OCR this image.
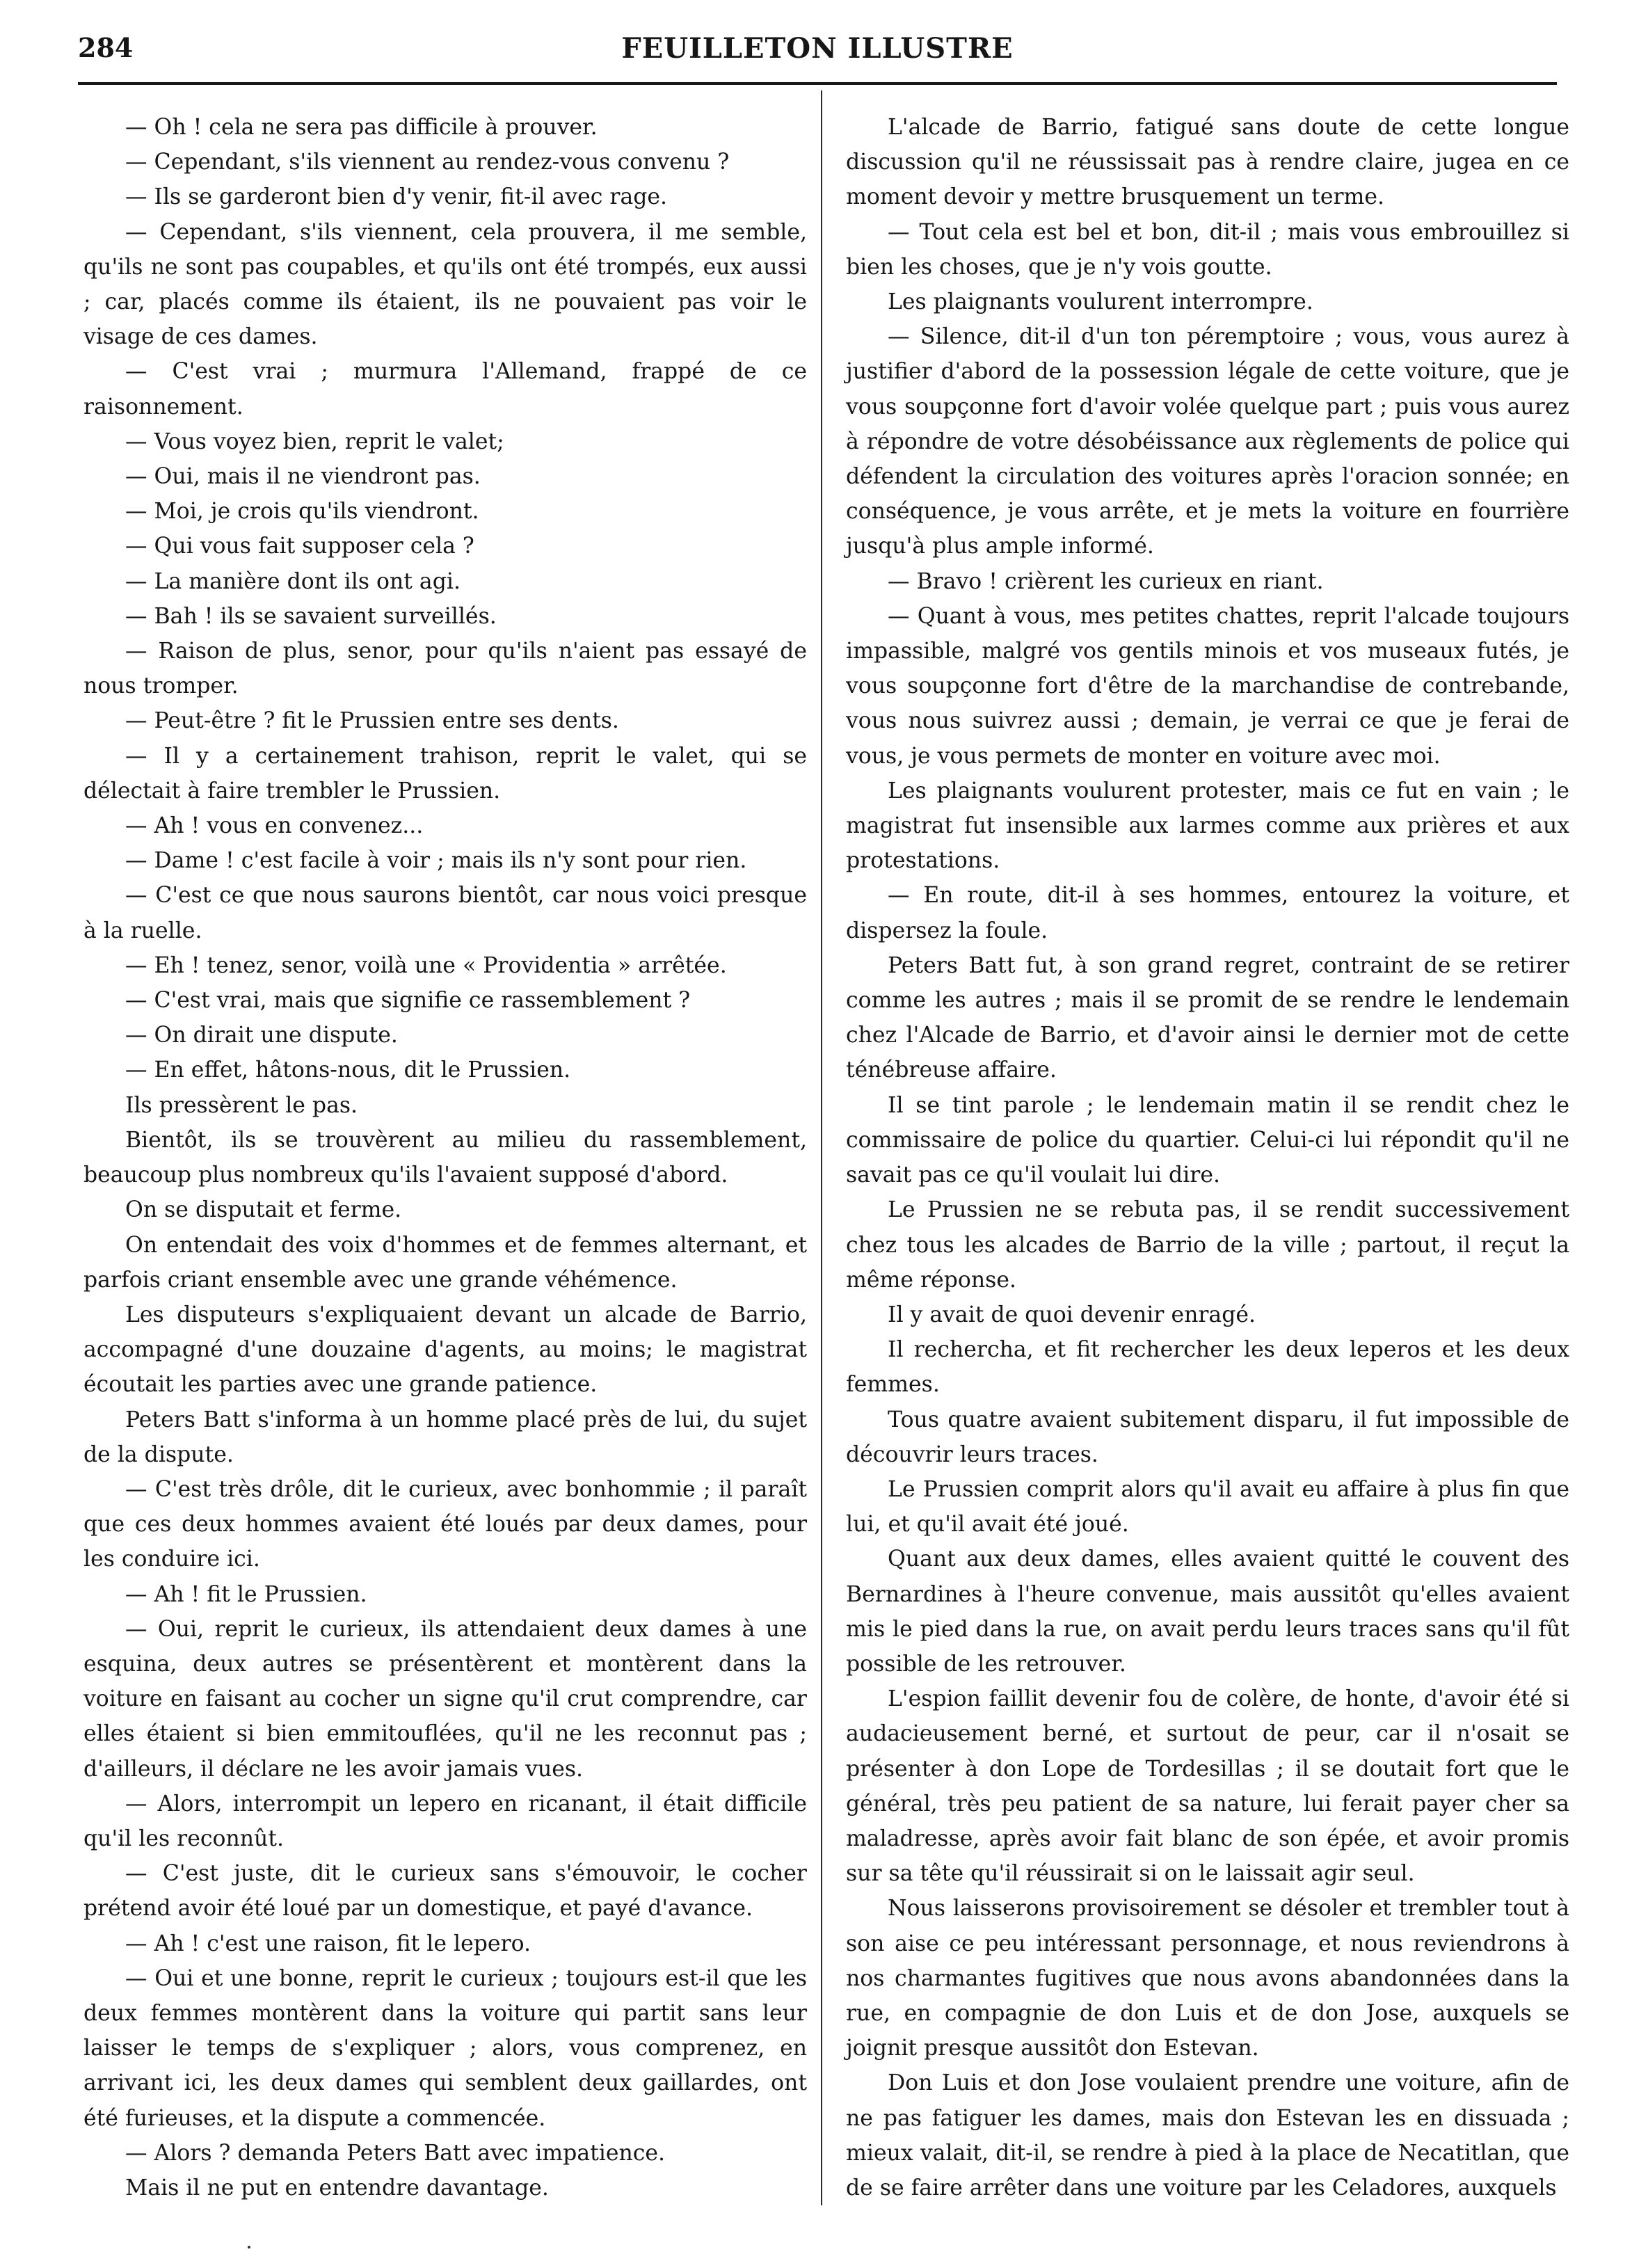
284	FEUILLETON ILLUSTRE

— Oh ! cela ne sera pas difficile à prouver.

— Cependant, s'ils viennent au rendez-vous convenu ?

— Ils se garderont bien d'y venir, fit-il avec rage.

— Cependant, s'ils viennent, cela prouvera, il me semble, qu'ils ne sont pas coupables, et qu'ils ont été trompés, eux aussi ; car, placés comme ils étaient, ils ne pouvaient pas voir le visage de ces dames.

— C'est vrai ; murmura l'Allemand, frappé de ce raisonnement.

— Vous voyez bien, reprit le valet;

— Oui, mais il ne viendront pas.

— Moi, je crois qu'ils viendront.

— Qui vous fait supposer cela ?

— La manière dont ils ont agi.

— Bah ! ils se savaient surveillés.

— Raison de plus, senor, pour qu'ils n'aient pas essayé de nous tromper.

— Peut-être ? fit le Prussien entre ses dents.

— Il y a certainement trahison, reprit le valet, qui se délectait à faire trembler le Prussien.

— Ah ! vous en convenez...

— Dame ! c'est facile à voir ; mais ils n'y sont pour rien.

— C'est ce que nous saurons bientôt, car nous voici presque à la ruelle.

— Eh ! tenez, senor, voilà une « Providentia » arrêtée.

— C'est vrai, mais que signifie ce rassemblement ?

— On dirait une dispute.

— En effet, hâtons-nous, dit le Prussien.

Ils pressèrent le pas.

Bientôt, ils se trouvèrent au milieu du rassemblement, beaucoup plus nombreux qu'ils l'avaient supposé d'abord.

On se disputait et ferme.

On entendait des voix d'hommes et de femmes alternant, et parfois criant ensemble avec une grande véhémence.

Les disputeurs s'expliquaient devant un alcade de Barrio, accompagné d'une douzaine d'agents, au moins; le magistrat écoutait les parties avec une grande patience.

Peters Batt s'informa à un homme placé près de lui, du sujet de la dispute.

— C'est très drôle, dit le curieux, avec bonhommie ; il paraît que ces deux hommes avaient été loués par deux dames, pour les conduire ici.

— Ah ! fit le Prussien.

— Oui, reprit le curieux, ils attendaient deux dames à une esquina, deux autres se présentèrent et montèrent dans la voiture en faisant au cocher un signe qu'il crut comprendre, car elles étaient si bien emmitouflées, qu'il ne les reconnut pas ; d'ailleurs, il déclare ne les avoir jamais vues.

— Alors, interrompit un lepero en ricanant, il était difficile qu'il les reconnût.

— C'est juste, dit le curieux sans s'émouvoir, le cocher prétend avoir été loué par un domestique, et payé d'avance.

— Ah ! c'est une raison, fit le lepero.

— Oui et une bonne, reprit le curieux ; toujours est-il que les deux femmes montèrent dans la voiture qui partit sans leur laisser le temps de s'expliquer ; alors, vous comprenez, en arrivant ici, les deux dames qui semblent deux gaillardes, ont été furieuses, et la dispute a commencée.

— Alors ? demanda Peters Batt avec impatience.

Mais il ne put en entendre davantage.

L'alcade de Barrio, fatigué sans doute de cette longue discussion qu'il ne réussissait pas à rendre claire, jugea en ce moment devoir y mettre brusquement un terme.

— Tout cela est bel et bon, dit-il ; mais vous embrouillez si bien les choses, que je n'y vois goutte.

Les plaignants voulurent interrompre.

— Silence, dit-il d'un ton péremptoire ; vous, vous aurez à justifier d'abord de la possession légale de cette voiture, que je vous soupçonne fort d'avoir volée quelque part ; puis vous aurez à répondre de votre désobéissance aux règlements de police qui défendent la circulation des voitures après l'oracion sonnée; en conséquence, je vous arrête, et je mets la voiture en fourrière jusqu'à plus ample informé.

— Bravo ! crièrent les curieux en riant.

— Quant à vous, mes petites chattes, reprit l'alcade toujours impassible, malgré vos gentils minois et vos museaux futés, je vous soupçonne fort d'être de la marchandise de contrebande, vous nous suivrez aussi ; demain, je verrai ce que je ferai de vous, je vous permets de monter en voiture avec moi.

Les plaignants voulurent protester, mais ce fut en vain ; le magistrat fut insensible aux larmes comme aux prières et aux protestations.

— En route, dit-il à ses hommes, entourez la voiture, et dispersez la foule.

Peters Batt fut, à son grand regret, contraint de se retirer comme les autres ; mais il se promit de se rendre le lendemain chez l'Alcade de Barrio, et d'avoir ainsi le dernier mot de cette ténébreuse affaire.

Il se tint parole ; le lendemain matin il se rendit chez le commissaire de police du quartier. Celui-ci lui répondit qu'il ne savait pas ce qu'il voulait lui dire.

Le Prussien ne se rebuta pas, il se rendit successivement chez tous les alcades de Barrio de la ville ; partout, il reçut la même réponse.

Il y avait de quoi devenir enragé.

Il rechercha, et fit rechercher les deux leperos et les deux femmes.

Tous quatre avaient subitement disparu, il fut impossible de découvrir leurs traces.

Le Prussien comprit alors qu'il avait eu affaire à plus fin que lui, et qu'il avait été joué.

Quant aux deux dames, elles avaient quitté le couvent des Bernardines à l'heure convenue, mais aussitôt qu'elles avaient mis le pied dans la rue, on avait perdu leurs traces sans qu'il fût possible de les retrouver.

L'espion faillit devenir fou de colère, de honte, d'avoir été si audacieusement berné, et surtout de peur, car il n'osait se présenter à don Lope de Tordesillas ; il se doutait fort que le général, très peu patient de sa nature, lui ferait payer cher sa maladresse, après avoir fait blanc de son épée, et avoir promis sur sa tête qu'il réussirait si on le laissait agir seul.

Nous laisserons provisoirement se désoler et trembler tout à son aise ce peu intéressant personnage, et nous reviendrons à nos charmantes fugitives que nous avons abandonnées dans la rue, en compagnie de don Luis et de don Jose, auxquels se joignit presque aussitôt don Estevan.

Don Luis et don Jose voulaient prendre une voiture, afin de ne pas fatiguer les dames, mais don Estevan les en dissuada ; mieux valait, dit-il, se rendre à pied à la place de Necatitlan, que de se faire arrêter dans une voiture par les Celadores, auxquels
